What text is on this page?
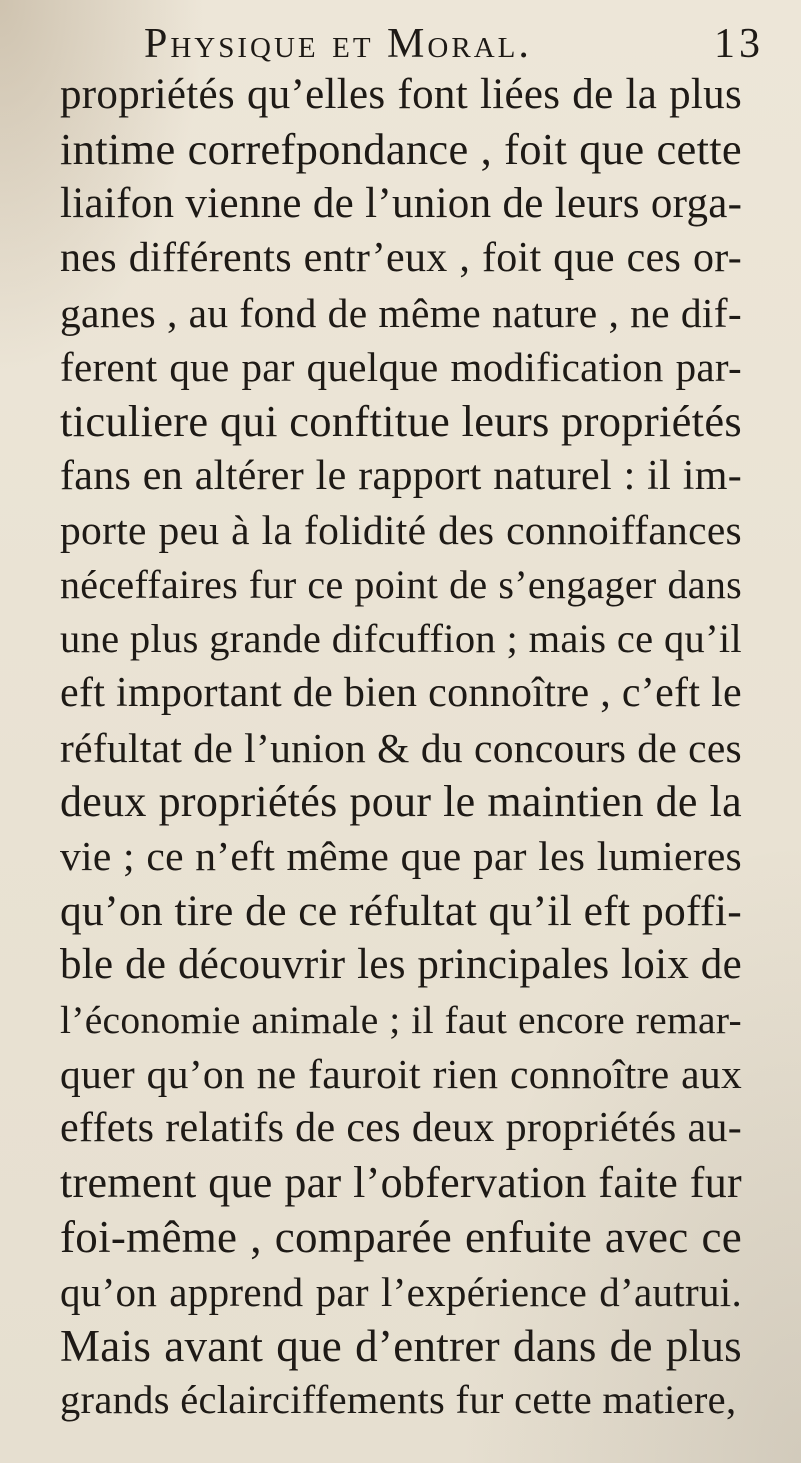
Physique et Moral.	13
propriétés qu’elles font liées de la plus
intime correfpondance , foit que cette
liaifon vienne de l’union de leurs orga-
nes différents entr’eux , foit que ces or-
ganes , au fond de même nature , ne dif-
ferent que par quelque modification par-
ticuliere qui conftitue leurs propriétés
fans en altérer le rapport naturel : il im-
porte peu à la folidité des connoiffances
néceffaires fur ce point de s’engager dans
une plus grande difcuffion ; mais ce qu’il
eft important de bien connoître , c’eft le
réfultat de l’union & du concours de ces
deux propriétés pour le maintien de la
vie ; ce n’eft même que par les lumieres
qu’on tire de ce réfultat qu’il eft poffi-
ble de découvrir les principales loix de
l’économie animale ; il faut encore remar-
quer qu’on ne fauroit rien connoître aux
effets relatifs de ces deux propriétés au-
trement que par l’obfervation faite fur
foi-même , comparée enfuite avec ce
qu’on apprend par l’expérience d’autrui.
Mais avant que d’entrer dans de plus
grands éclairciffements fur cette matiere,
